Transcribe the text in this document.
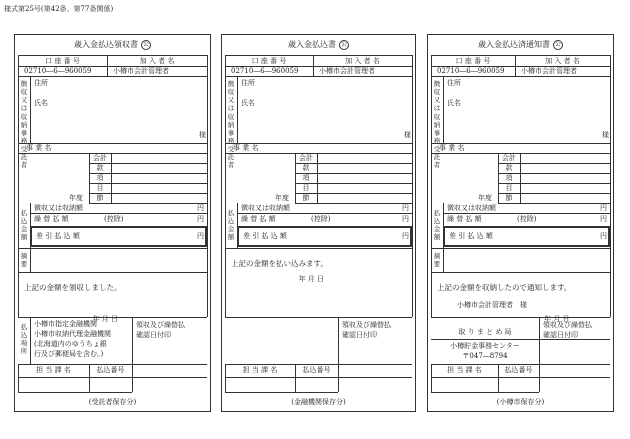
様式第25号(第42条、第77条関係)
歳入金払込領収書 公
口 座 番 号	加 入 者 名
02710―6―960059	小樽市会計管理者
徴収又は収納事務受託者
住所
氏名
様
事 業 名
会計
款
項
目
節
年度
払込金額
徴収又は収納額	円
繰 替 払 額	(控除)	円
差 引 払 込 額	円
摘要
上記の金額を領収しました。
年 月 日
領収及び繰替払
確認日付印
払込場所
小樽市指定金融機関
小樽市収納代理金融機関
(北海道内のゆうちょ銀
行及び郵便局を含む。)
担 当 課 名	払込番号
(受託者保存分)
歳入金払込書 公
口 座 番 号	加 入 者 名
02710―6―960059	小樽市会計管理者
徴収又は収納事務受託者
住所
氏名
様
事 業 名
会計
款
項
目
節
年度
払込金額
徴収又は収納額	円
繰 替 払 額	(控除)	円
差 引 払 込 額	円
上記の金額を払い込みます。
年 月 日
領収及び繰替払
確認日付印
担 当 課 名	払込番号
(金融機関保存分)
歳入金払込済通知書 公
口 座 番 号	加 入 者 名
02710―6―960059 小樽市会計管理者
徴収又は収納事務受託者
住所
氏名
様
事 業 名
会計
款
項
目
節
年度
払込金額
徴収又は収納額	円
繰 替 払 額	(控除)	円
差 引 払 込 額	円
摘要
上記の金額を収納したので通知します。
小樽市会計管理者　様
年 月 日
領収及び繰替払
確認日付印
取 り ま と め 局
小樽貯金事務センター
〒047―8794
担 当 課 名	払込番号
(小樽市保存分)
